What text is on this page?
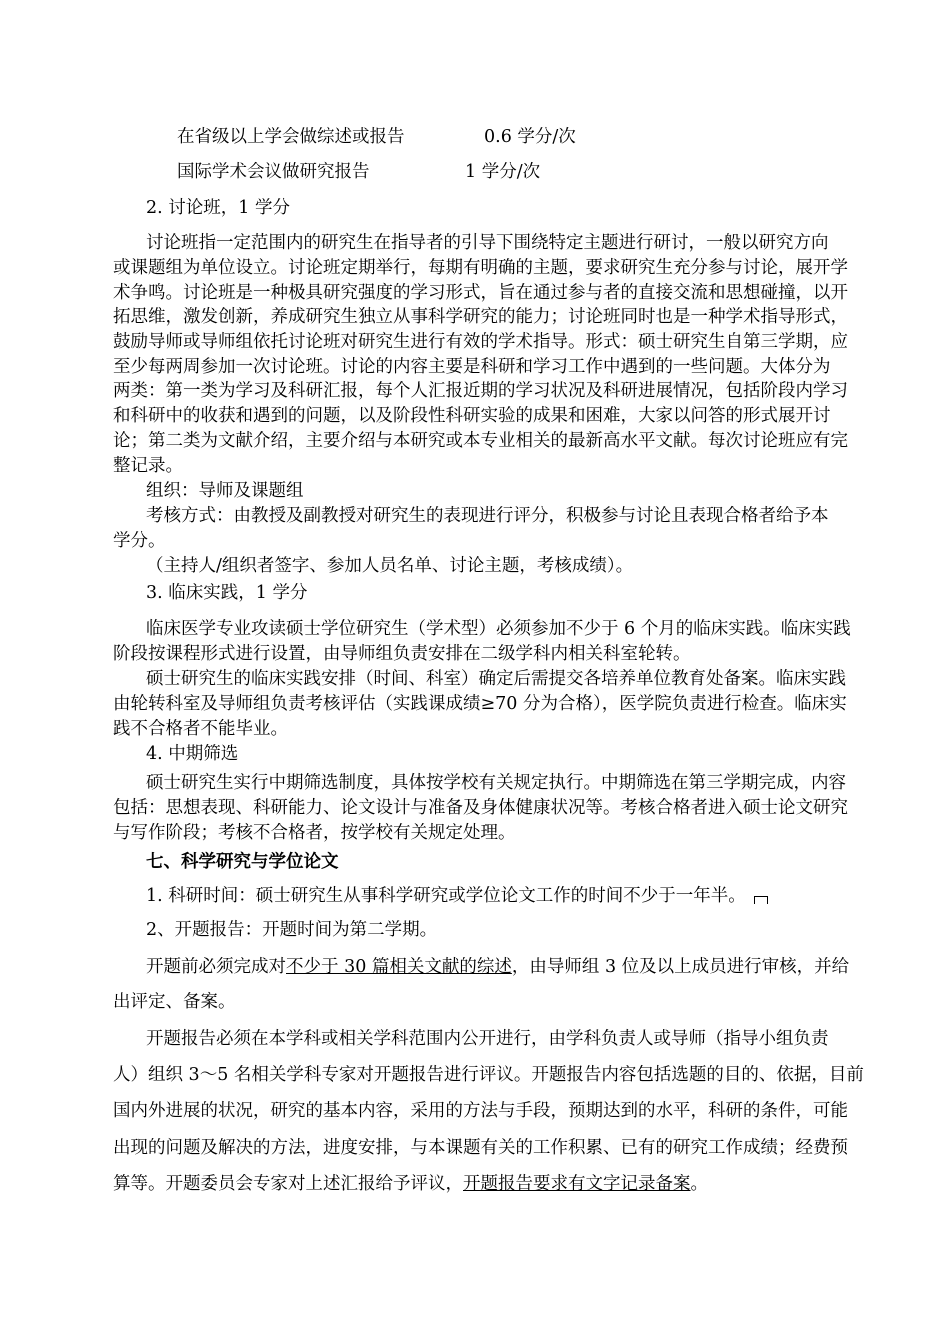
在省级以上学会做综述或报告	0.6 学分/次
国际学术会议做研究报告	1 学分/次
2. 讨论班，1 学分
讨论班指一定范围内的研究生在指导者的引导下围绕特定主题进行研讨，一般以研究方向
或课题组为单位设立。讨论班定期举行，每期有明确的主题，要求研究生充分参与讨论，展开学
术争鸣。讨论班是一种极具研究强度的学习形式，旨在通过参与者的直接交流和思想碰撞，以开
拓思维，激发创新，养成研究生独立从事科学研究的能力；讨论班同时也是一种学术指导形式，
鼓励导师或导师组依托讨论班对研究生进行有效的学术指导。形式：硕士研究生自第三学期，应
至少每两周参加一次讨论班。讨论的内容主要是科研和学习工作中遇到的一些问题。大体分为
两类：第一类为学习及科研汇报，每个人汇报近期的学习状况及科研进展情况，包括阶段内学习
和科研中的收获和遇到的问题，以及阶段性科研实验的成果和困难，大家以问答的形式展开讨
论；第二类为文献介绍，主要介绍与本研究或本专业相关的最新高水平文献。每次讨论班应有完
整记录。
组织：导师及课题组
考核方式：由教授及副教授对研究生的表现进行评分，积极参与讨论且表现合格者给予本
学分。
（主持人/组织者签字、参加人员名单、讨论主题，考核成绩）。
3. 临床实践，1 学分
临床医学专业攻读硕士学位研究生（学术型）必须参加不少于 6 个月的临床实践。临床实践
阶段按课程形式进行设置，由导师组负责安排在二级学科内相关科室轮转。
硕士研究生的临床实践安排（时间、科室）确定后需提交各培养单位教育处备案。临床实践
由轮转科室及导师组负责考核评估（实践课成绩≥70 分为合格），医学院负责进行检查。临床实
践不合格者不能毕业。
4. 中期筛选
硕士研究生实行中期筛选制度，具体按学校有关规定执行。中期筛选在第三学期完成，内容
包括：思想表现、科研能力、论文设计与准备及身体健康状况等。考核合格者进入硕士论文研究
与写作阶段；考核不合格者，按学校有关规定处理。
七、科学研究与学位论文
1. 科研时间：硕士研究生从事科学研究或学位论文工作的时间不少于一年半。
2、开题报告：开题时间为第二学期。
开题前必须完成对不少于 30 篇相关文献的综述，由导师组 3 位及以上成员进行审核，并给
出评定、备案。
开题报告必须在本学科或相关学科范围内公开进行，由学科负责人或导师（指导小组负责
人）组织 3～5 名相关学科专家对开题报告进行评议。开题报告内容包括选题的目的、依据，目前
国内外进展的状况，研究的基本内容，采用的方法与手段，预期达到的水平，科研的条件，可能
出现的问题及解决的方法，进度安排，与本课题有关的工作积累、已有的研究工作成绩；经费预
算等。开题委员会专家对上述汇报给予评议，开题报告要求有文字记录备案。
